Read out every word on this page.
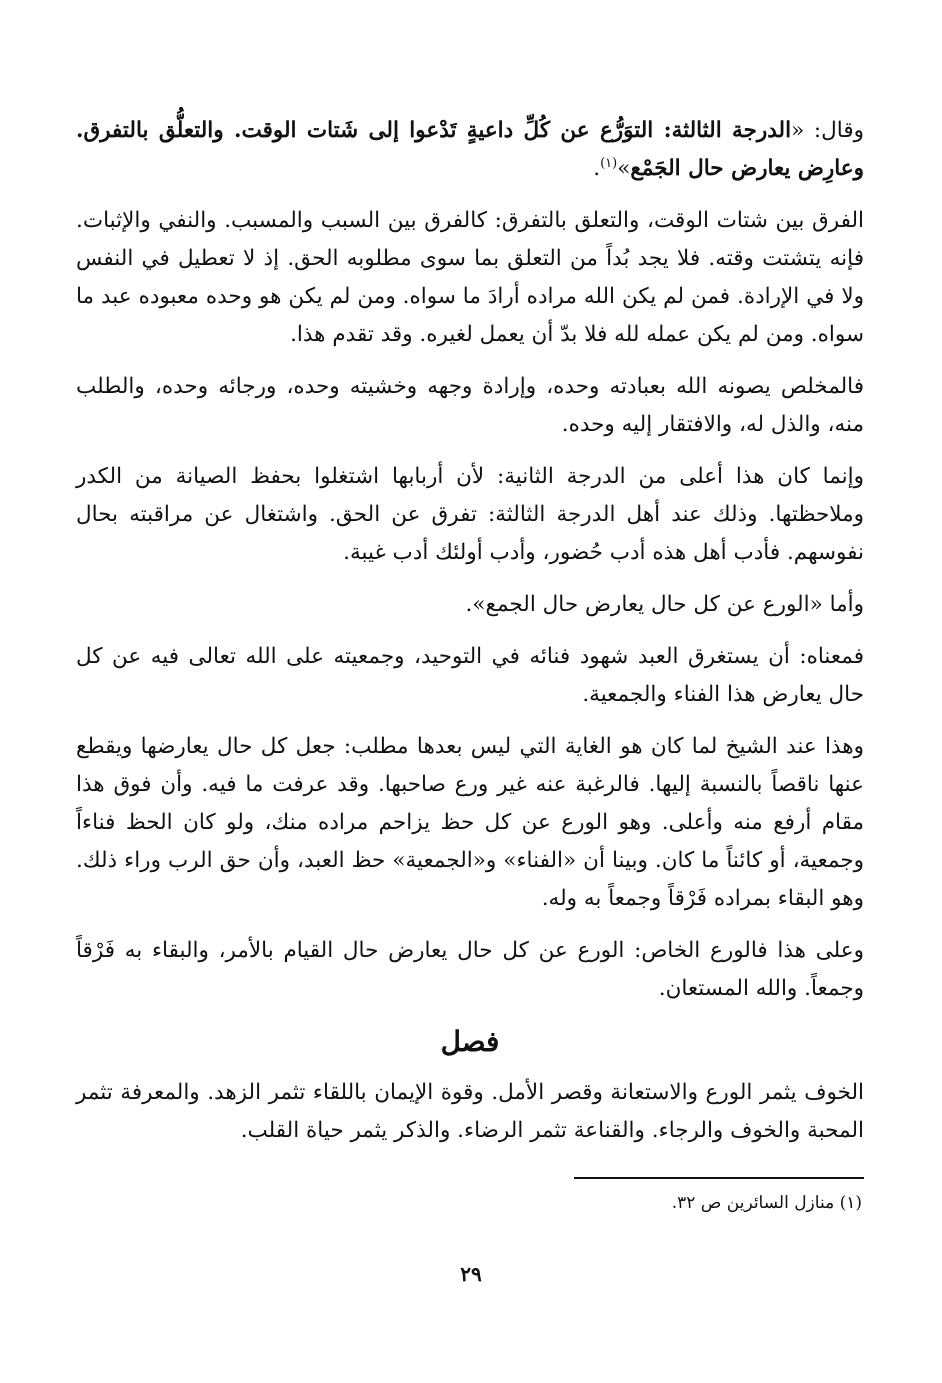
وقال: «الدرجة الثالثة: التوَرُّع عن كُلِّ داعيةٍ تَدْعوا إلى شَتات الوقت. والتعلُّق بالتفرق. وعارِض يعارض حال الجَمْع»$^{(١)}$.

الفرق بين شتات الوقت، والتعلق بالتفرق: كالفرق بين السبب والمسبب. والنفي والإثبات. فإنه يتشتت وقته. فلا يجد بُداً من التعلق بما سوى مطلوبه الحق. إذ لا تعطيل في النفس ولا في الإرادة. فمن لم يكن الله مراده أرادَ ما سواه. ومن لم يكن هو وحده معبوده عبد ما سواه. ومن لم يكن عمله لله فلا بدّ أن يعمل لغيره. وقد تقدم هذا.

فالمخلص يصونه الله بعبادته وحده، وإرادة وجهه وخشيته وحده، ورجائه وحده، والطلب منه، والذل له، والافتقار إليه وحده.

وإنما كان هذا أعلى من الدرجة الثانية: لأن أربابها اشتغلوا بحفظ الصيانة من الكدر وملاحظتها. وذلك عند أهل الدرجة الثالثة: تفرق عن الحق. واشتغال عن مراقبته بحال نفوسهم. فأدب أهل هذه أدب حُضور، وأدب أولئك أدب غيبة.

وأما «الورع عن كل حال يعارض حال الجمع».

فمعناه: أن يستغرق العبد شهود فنائه في التوحيد، وجمعيته على الله تعالى فيه عن كل حال يعارض هذا الفناء والجمعية.

وهذا عند الشيخ لما كان هو الغاية التي ليس بعدها مطلب: جعل كل حال يعارضها ويقطع عنها ناقصاً بالنسبة إليها. فالرغبة عنه غير ورع صاحبها. وقد عرفت ما فيه. وأن فوق هذا مقام أرفع منه وأعلى. وهو الورع عن كل حظ يزاحم مراده منك، ولو كان الحظ فناءاً وجمعية، أو كائناً ما كان. وبينا أن «الفناء» و«الجمعية» حظ العبد، وأن حق الرب وراء ذلك. وهو البقاء بمراده فَرْقاً وجمعاً به وله.

وعلى هذا فالورع الخاص: الورع عن كل حال يعارض حال القيام بالأمر، والبقاء به فَرْقاً وجمعاً. والله المستعان.

فصل

الخوف يثمر الورع والاستعانة وقصر الأمل. وقوة الإيمان باللقاء تثمر الزهد. والمعرفة تثمر المحبة والخوف والرجاء. والقناعة تثمر الرضاء. والذكر يثمر حياة القلب.

(١) منازل السائرين ص ٣٢.
٢٩
